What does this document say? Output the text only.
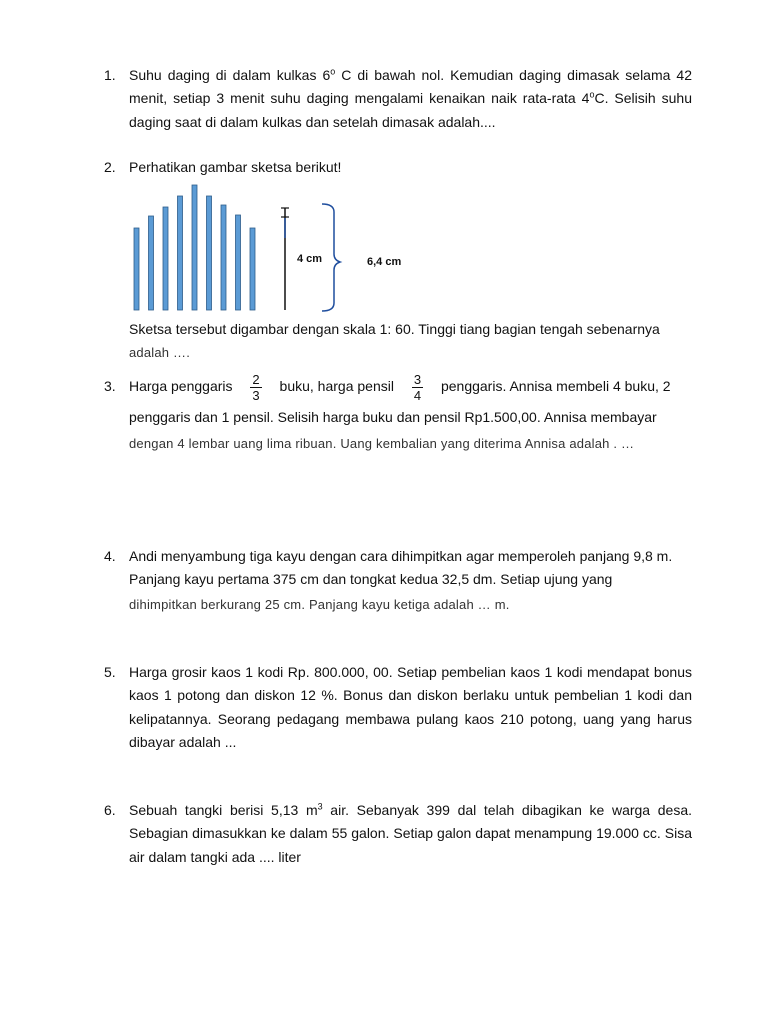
1. Suhu daging di dalam kulkas 6$^o$ C di bawah nol. Kemudian daging dimasak selama 42 menit, setiap 3 menit suhu daging mengalami kenaikan naik rata-rata 4$^o$C. Selisih suhu daging saat di dalam kulkas dan setelah dimasak adalah....
2. Perhatikan gambar sketsa berikut!
4 cm	6,4 cm
Sketsa tersebut digambar dengan skala 1: 60. Tinggi tiang bagian tengah sebenarnya
adalah ….
3. Harga penggaris $\frac{2}{3}$ buku, harga pensil $\frac{3}{4}$ penggaris. Annisa membeli 4 buku, 2
penggaris dan 1 pensil. Selisih harga buku dan pensil Rp1.500,00. Annisa membayar
dengan 4 lembar uang lima ribuan. Uang kembalian yang diterima Annisa adalah . …
4. Andi menyambung tiga kayu dengan cara dihimpitkan agar memperoleh panjang 9,8 m. Panjang kayu pertama 375 cm dan tongkat kedua 32,5 dm. Setiap ujung yang
dihimpitkan berkurang 25 cm. Panjang kayu ketiga adalah … m.
5. Harga grosir kaos 1 kodi Rp. 800.000, 00. Setiap pembelian kaos 1 kodi mendapat bonus kaos 1 potong dan diskon 12 %. Bonus dan diskon berlaku untuk pembelian 1 kodi dan kelipatannya. Seorang pedagang membawa pulang kaos 210 potong, uang yang harus dibayar adalah ...
6. Sebuah tangki berisi 5,13 $m^3$ air. Sebanyak 399 dal telah dibagikan ke warga desa. Sebagian dimasukkan ke dalam 55 galon. Setiap galon dapat menampung 19.000 cc. Sisa air dalam tangki ada .... liter
